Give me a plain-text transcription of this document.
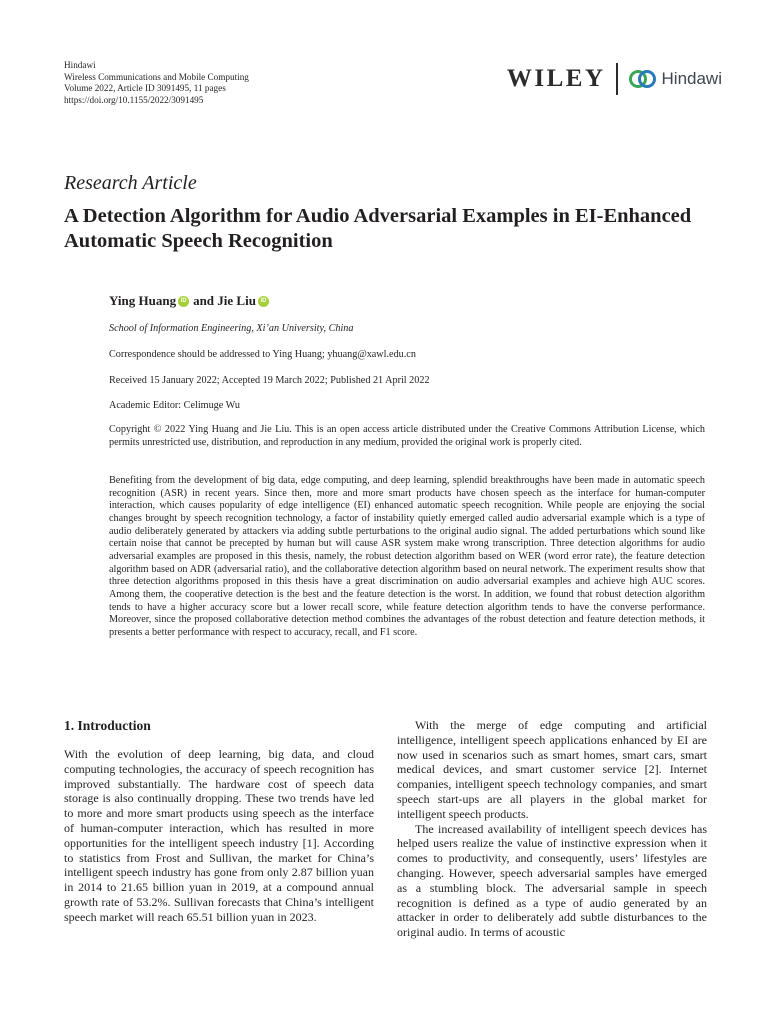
Hindawi
Wireless Communications and Mobile Computing
Volume 2022, Article ID 3091495, 11 pages
https://doi.org/10.1155/2022/3091495
WILEY	Hindawi
Research Article
A Detection Algorithm for Audio Adversarial Examples in EI-Enhanced Automatic Speech Recognition
Ying Huang iD and
Jie Liu iD
School of Information Engineering, Xi’an University, China
Correspondence should be addressed to Ying Huang; yhuang@xawl.edu.cn
Received 15 January 2022; Accepted 19 March 2022; Published 21 April 2022
Academic Editor: Celimuge Wu
Copyright © 2022 Ying Huang and Jie Liu. This is an open access article distributed under the Creative Commons Attribution License, which permits unrestricted use, distribution, and reproduction in any medium, provided the original work is properly cited.
Benefiting from the development of big data, edge computing, and deep learning, splendid breakthroughs have been made in automatic speech recognition (ASR) in recent years. Since then, more and more smart products have chosen speech as the interface for human-computer interaction, which causes popularity of edge intelligence (EI) enhanced automatic speech recognition. While people are enjoying the social changes brought by speech recognition technology, a factor of instability quietly emerged called audio adversarial example which is a type of audio deliberately generated by attackers via adding subtle perturbations to the original audio signal. The added perturbations which sound like certain noise that cannot be precepted by human but will cause ASR system make wrong transcription. Three detection algorithms for audio adversarial examples are proposed in this thesis, namely, the robust detection algorithm based on WER (word error rate), the feature detection algorithm based on ADR (adversarial ratio), and the collaborative detection algorithm based on neural network. The experiment results show that three detection algorithms proposed in this thesis have a great discrimination on audio adversarial examples and achieve high AUC scores. Among them, the cooperative detection is the best and the feature detection is the worst. In addition, we found that robust detection algorithm tends to have a higher accuracy score but a lower recall score, while feature detection algorithm tends to have the converse performance. Moreover, since the proposed collaborative detection method combines the advantages of the robust detection and feature detection methods, it presents a better performance with respect to accuracy, recall, and F1 score.
1. Introduction

With the evolution of deep learning, big data, and cloud computing technologies, the accuracy of speech recognition has improved substantially. The hardware cost of speech data storage is also continually dropping. These two trends have led to more and more smart products using speech as the interface of human-computer interaction, which has resulted in more opportunities for the intelligent speech industry [1]. According to statistics from Frost and Sullivan, the market for China’s intelligent speech industry has gone from only 2.87 billion yuan in 2014 to 21.65 billion yuan in 2019, at a compound annual growth rate of 53.2%. Sullivan forecasts that China’s intelligent speech market will reach 65.51 billion yuan in 2023.

With the merge of edge computing and artificial intelligence, intelligent speech applications enhanced by EI are now used in scenarios such as smart homes, smart cars, smart medical devices, and smart customer service [2]. Internet companies, intelligent speech technology companies, and smart speech start-ups are all players in the global market for intelligent speech products.

The increased availability of intelligent speech devices has helped users realize the value of instinctive expression when it comes to productivity, and consequently, users’ lifestyles are changing. However, speech adversarial samples have emerged as a stumbling block. The adversarial sample in speech recognition is defined as a type of audio generated by an attacker in order to deliberately add subtle disturbances to the original audio. In terms of acoustic
